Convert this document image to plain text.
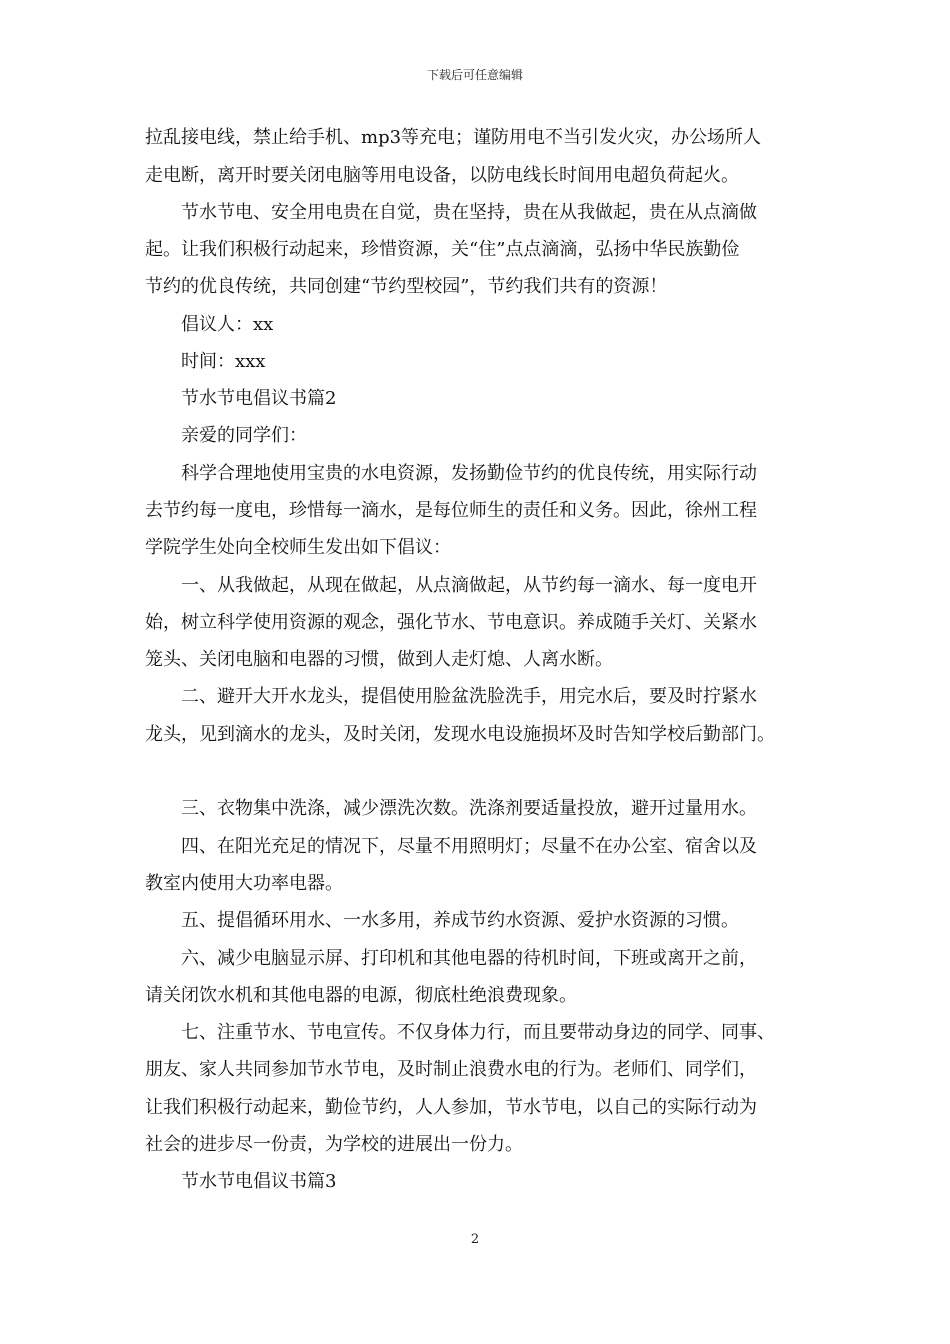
下载后可任意编辑
拉乱接电线，禁止给手机、mp3等充电；谨防用电不当引发火灾，办公场所人
走电断，离开时要关闭电脑等用电设备，以防电线长时间用电超负荷起火。
节水节电、安全用电贵在自觉，贵在坚持，贵在从我做起，贵在从点滴做
起。让我们积极行动起来，珍惜资源，关“住”点点滴滴，弘扬中华民族勤俭
节约的优良传统，共同创建“节约型校园”，节约我们共有的资源！
倡议人：xx
时间：xxx
节水节电倡议书篇2
亲爱的同学们：
科学合理地使用宝贵的水电资源，发扬勤俭节约的优良传统，用实际行动
去节约每一度电，珍惜每一滴水，是每位师生的责任和义务。因此，徐州工程
学院学生处向全校师生发出如下倡议：
一、从我做起，从现在做起，从点滴做起，从节约每一滴水、每一度电开
始，树立科学使用资源的观念，强化节水、节电意识。养成随手关灯、关紧水
笼头、关闭电脑和电器的习惯，做到人走灯熄、人离水断。
二、避开大开水龙头，提倡使用脸盆洗脸洗手，用完水后，要及时拧紧水
龙头，见到滴水的龙头，及时关闭，发现水电设施损坏及时告知学校后勤部门。
三、衣物集中洗涤，减少漂洗次数。洗涤剂要适量投放，避开过量用水。
四、在阳光充足的情况下，尽量不用照明灯；尽量不在办公室、宿舍以及
教室内使用大功率电器。
五、提倡循环用水、一水多用，养成节约水资源、爱护水资源的习惯。
六、减少电脑显示屏、打印机和其他电器的待机时间，下班或离开之前，
请关闭饮水机和其他电器的电源，彻底杜绝浪费现象。
七、注重节水、节电宣传。不仅身体力行，而且要带动身边的同学、同事、
朋友、家人共同参加节水节电，及时制止浪费水电的行为。老师们、同学们，
让我们积极行动起来，勤俭节约，人人参加，节水节电，以自己的实际行动为
社会的进步尽一份责，为学校的进展出一份力。
节水节电倡议书篇3
2
